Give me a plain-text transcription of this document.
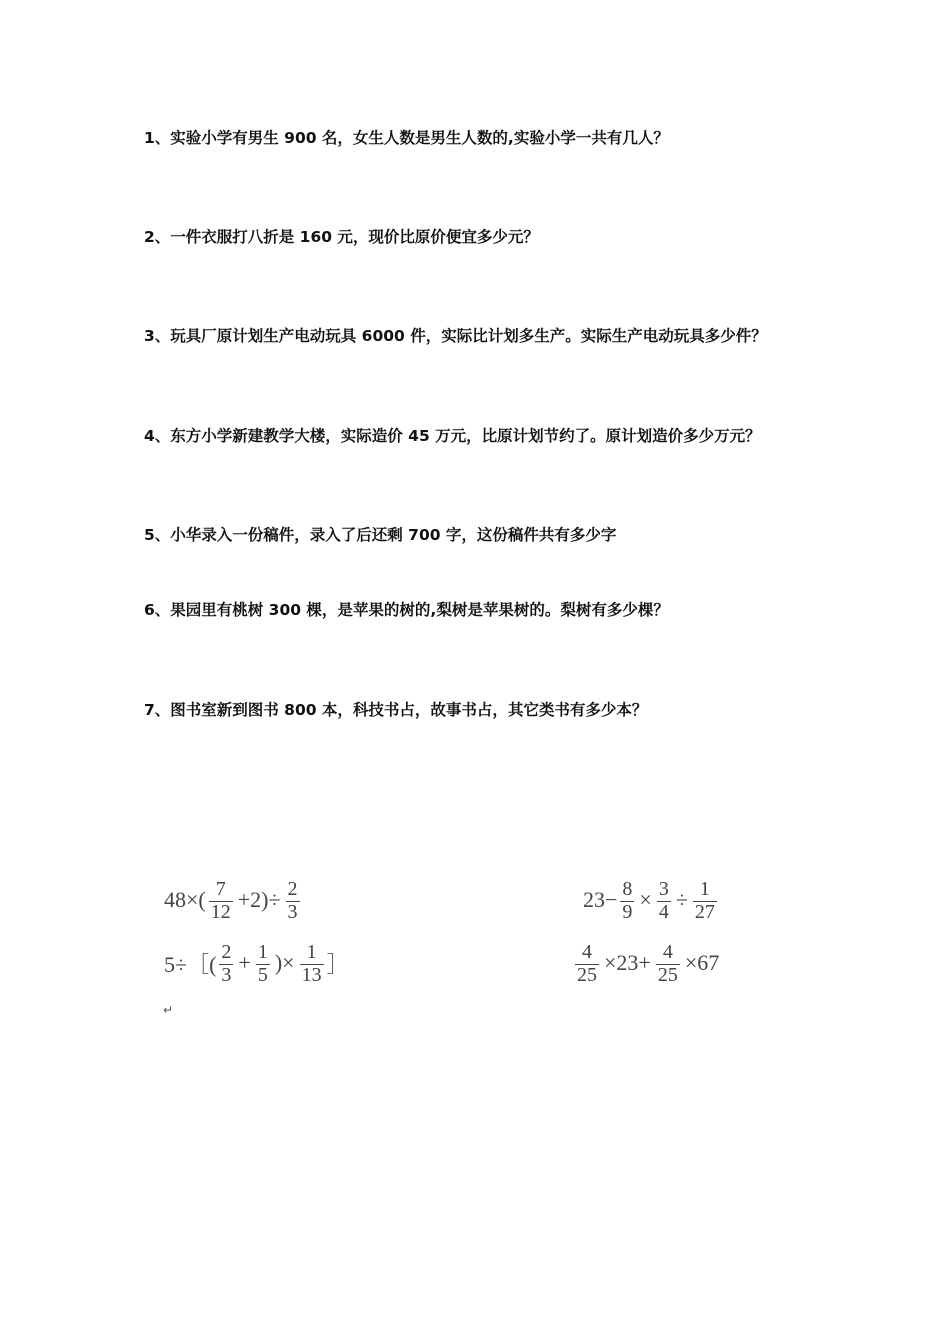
1、实验小学有男生 900 名，女生人数是男生人数的,实验小学一共有几人？
2、一件衣服打八折是 160 元，现价比原价便宜多少元？
3、玩具厂原计划生产电动玩具 6000 件，实际比计划多生产。实际生产电动玩具多少件？
4、东方小学新建教学大楼，实际造价 45 万元，比原计划节约了。原计划造价多少万元？
5、小华录入一份稿件，录入了后还剩 700 字，这份稿件共有多少字
6、果园里有桃树 300 棵，是苹果的树的,梨树是苹果树的。梨树有多少棵？
7、图书室新到图书 800 本，科技书占，故事书占，其它类书有多少本？
$48\times( \frac{7}{12} +2)\div \frac{2}{3}$	$23- \frac{8}{9} \times \frac{3}{4} \div \frac{1}{27}$
5÷［( $\frac{2}{3} + \frac{1}{5}$ )× $\frac{1}{13}$ ］	$\frac{4}{25} \times 23+ \frac{4}{25} \times 67$
↵
